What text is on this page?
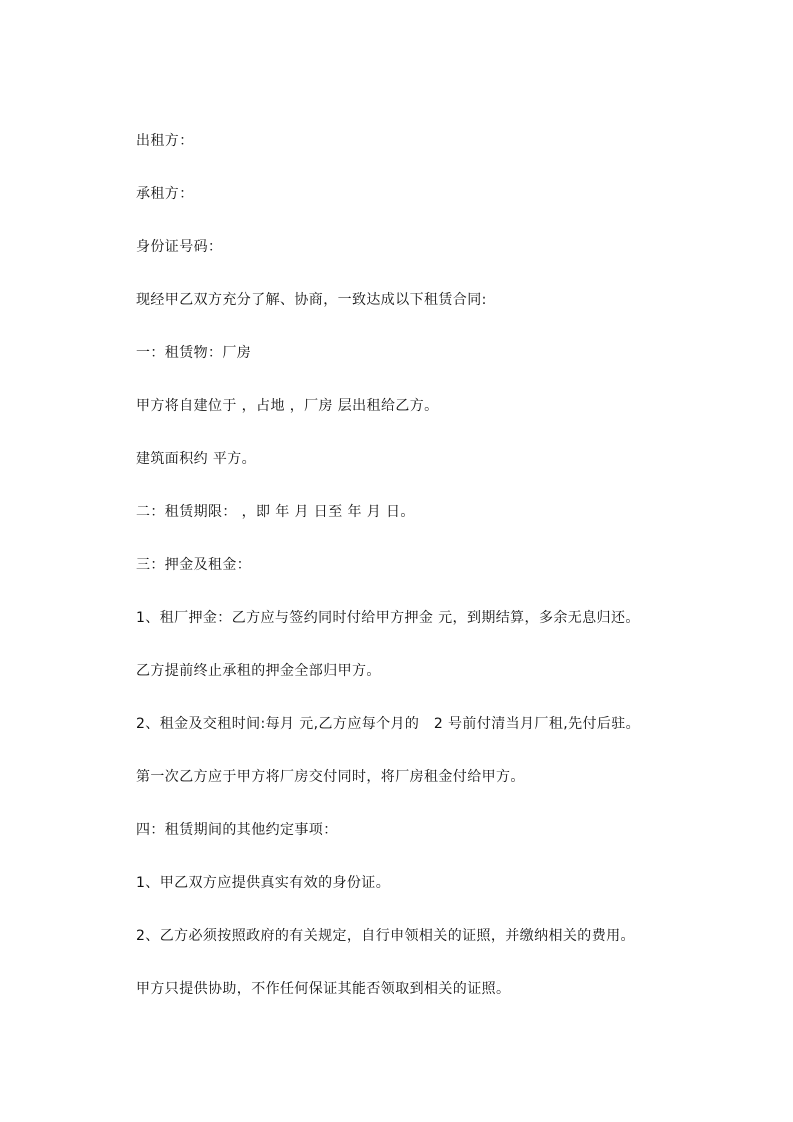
出租方：
承租方：
身份证号码：
现经甲乙双方充分了解、协商，一致达成以下租赁合同:
一：租赁物：厂房
甲方将自建位于 ，占地 ，厂房 层出租给乙方。
建筑面积约 平方。
二：租赁期限： ，即 年 月 日至 年 月 日。
三：押金及租金：
1、租厂押金：乙方应与签约同时付给甲方押金 元，到期结算，多余无息归还。
乙方提前终止承租的押金全部归甲方。
2、租金及交租时间:每月 元,乙方应每个月的   2 号前付清当月厂租,先付后驻。
第一次乙方应于甲方将厂房交付同时，将厂房租金付给甲方。
四：租赁期间的其他约定事项：
1、甲乙双方应提供真实有效的身份证。
2、乙方必须按照政府的有关规定，自行申领相关的证照，并缴纳相关的费用。
甲方只提供协助，不作任何保证其能否领取到相关的证照。
